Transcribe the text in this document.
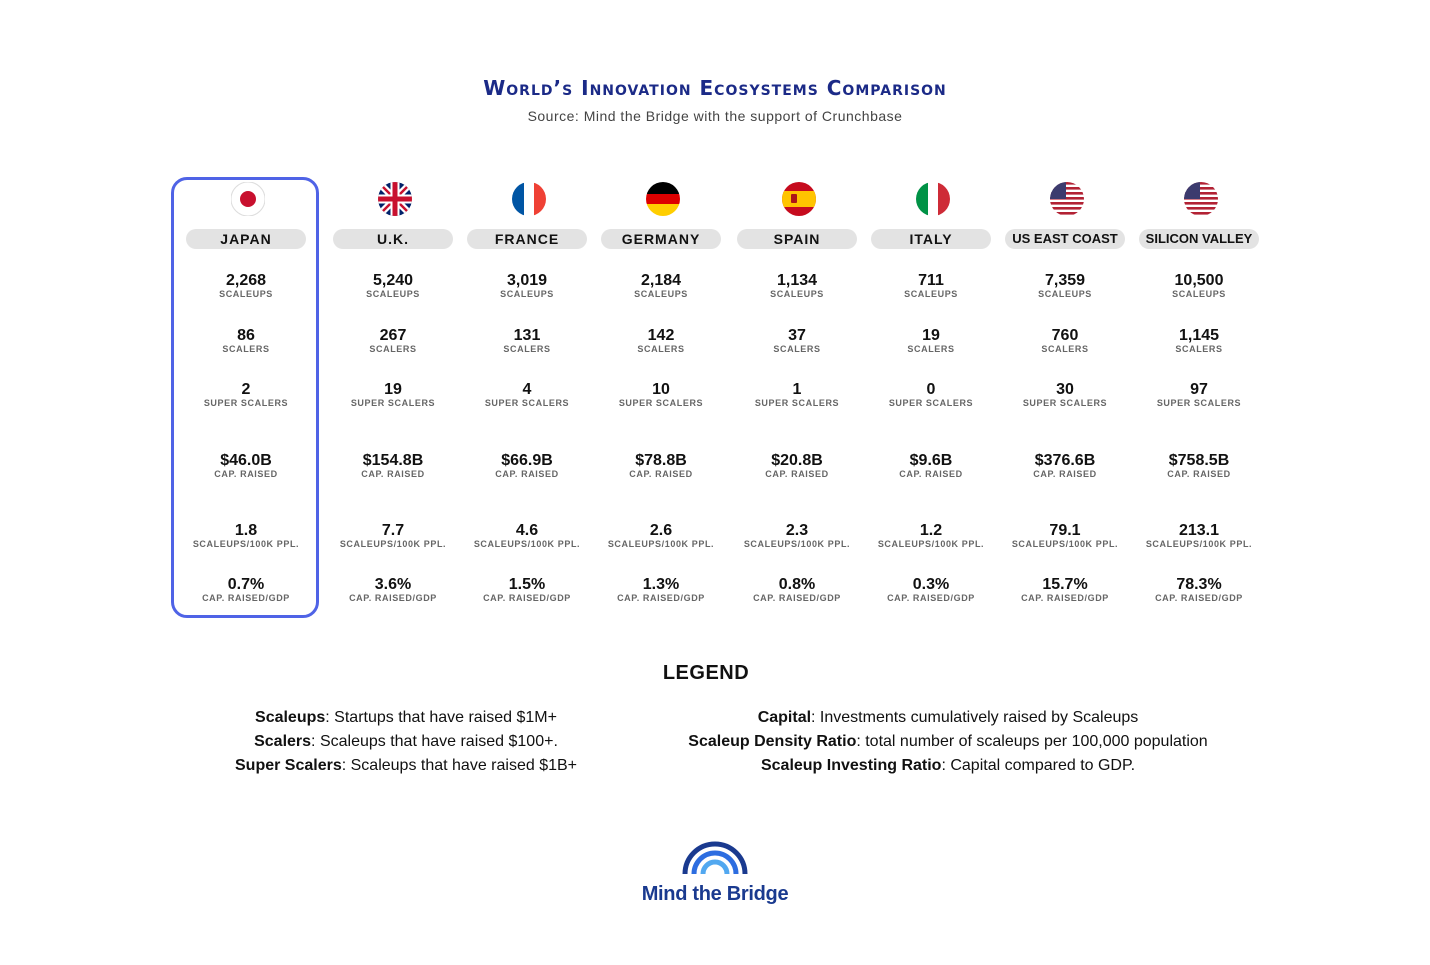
World’s Innovation Ecosystems Comparison
Source: Mind the Bridge with the support of Crunchbase
JAPAN
2,268
SCALEUPS
86
SCALERS
2
SUPER SCALERS
$46.0B
CAP. RAISED
1.8
SCALEUPS/100K PPL.
0.7%
CAP. RAISED/GDP
U.K.
5,240
SCALEUPS
267
SCALERS
19
SUPER SCALERS
$154.8B
CAP. RAISED
7.7
SCALEUPS/100K PPL.
3.6%
CAP. RAISED/GDP
FRANCE
3,019
SCALEUPS
131
SCALERS
4
SUPER SCALERS
$66.9B
CAP. RAISED
4.6
SCALEUPS/100K PPL.
1.5%
CAP. RAISED/GDP
GERMANY
2,184
SCALEUPS
142
SCALERS
10
SUPER SCALERS
$78.8B
CAP. RAISED
2.6
SCALEUPS/100K PPL.
1.3%
CAP. RAISED/GDP
SPAIN
1,134
SCALEUPS
37
SCALERS
1
SUPER SCALERS
$20.8B
CAP. RAISED
2.3
SCALEUPS/100K PPL.
0.8%
CAP. RAISED/GDP
ITALY
711
SCALEUPS
19
SCALERS
0
SUPER SCALERS
$9.6B
CAP. RAISED
1.2
SCALEUPS/100K PPL.
0.3%
CAP. RAISED/GDP
US EAST COAST
7,359
SCALEUPS
760
SCALERS
30
SUPER SCALERS
$376.6B
CAP. RAISED
79.1
SCALEUPS/100K PPL.
15.7%
CAP. RAISED/GDP
SILICON VALLEY
10,500
SCALEUPS
1,145
SCALERS
97
SUPER SCALERS
$758.5B
CAP. RAISED
213.1
SCALEUPS/100K PPL.
78.3%
CAP. RAISED/GDP
LEGEND
Scaleups: Startups that have raised $1M+
Scalers: Scaleups that have raised $100+.
Super Scalers: Scaleups that have raised $1B+
Capital: Investments cumulatively raised by Scaleups
Scaleup Density Ratio: total number of scaleups per 100,000 population
Scaleup Investing Ratio: Capital compared to GDP.
Mind the Bridge
